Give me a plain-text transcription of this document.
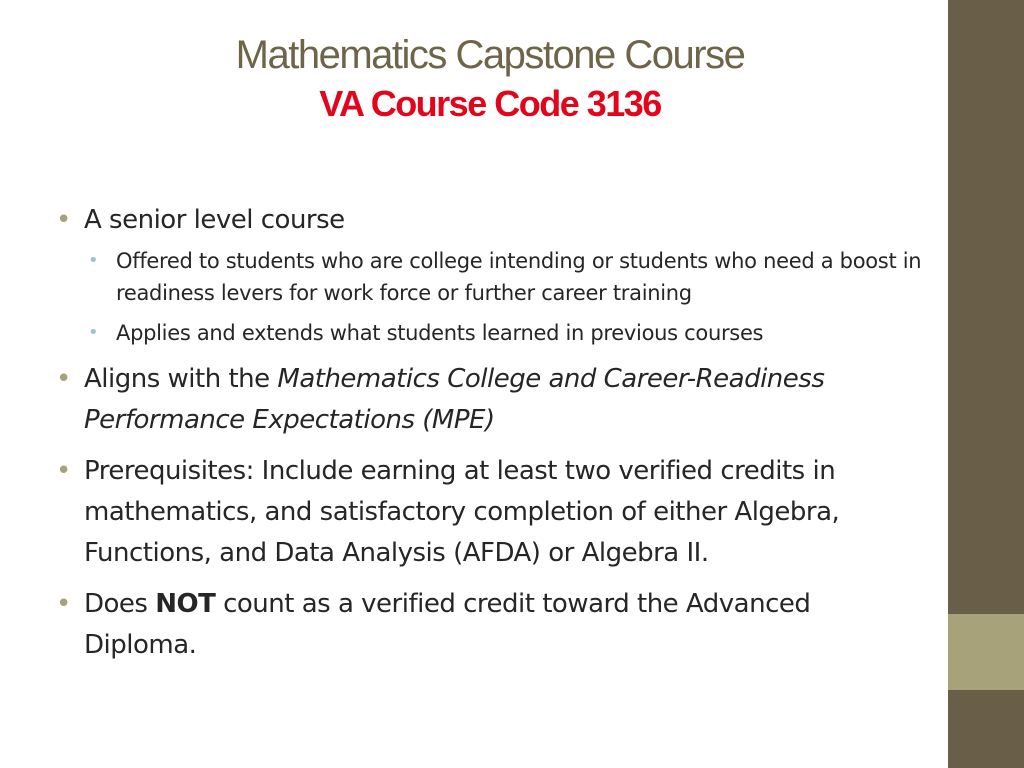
Mathematics Capstone Course
VA Course Code 3136
• A senior level course
• Offered to students who are college intending or students who need a boost in readiness levers for work force or further career training
• Applies and extends what students learned in previous courses
• Aligns with the Mathematics College and Career-Readiness Performance Expectations (MPE)
• Prerequisites: Include earning at least two verified credits in mathematics, and satisfactory completion of either Algebra, Functions, and Data Analysis (AFDA) or Algebra II.
• Does NOT count as a verified credit toward the Advanced Diploma.
